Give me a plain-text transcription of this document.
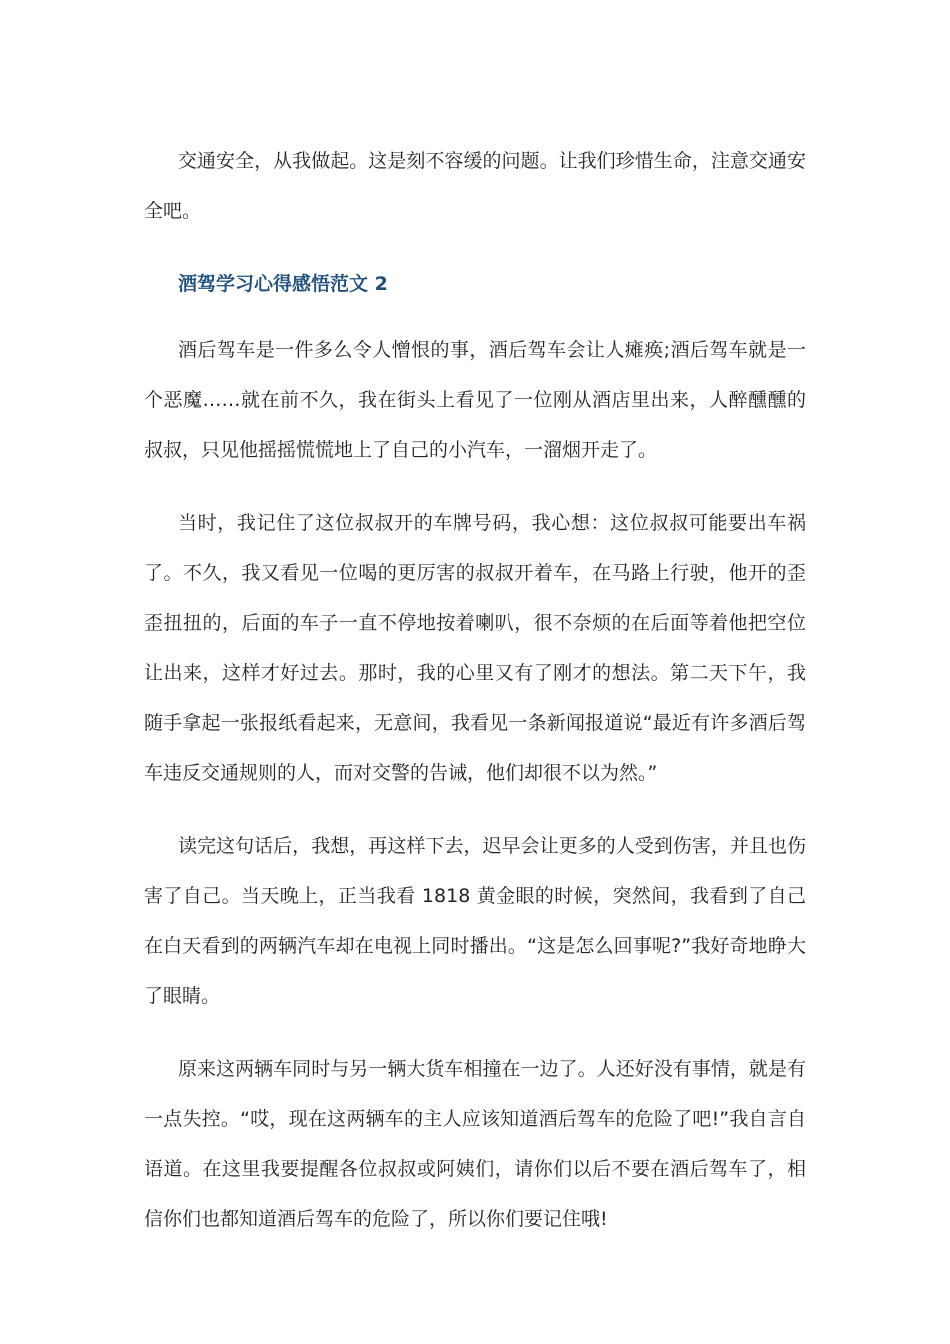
交通安全，从我做起。这是刻不容缓的问题。让我们珍惜生命，注意交通安全吧。

酒驾学习心得感悟范文 2

酒后驾车是一件多么令人憎恨的事，酒后驾车会让人瘫痪;酒后驾车就是一个恶魔……就在前不久，我在街头上看见了一位刚从酒店里出来，人醉醺醺的叔叔，只见他摇摇慌慌地上了自己的小汽车，一溜烟开走了。

当时，我记住了这位叔叔开的车牌号码，我心想：这位叔叔可能要出车祸了。不久，我又看见一位喝的更厉害的叔叔开着车，在马路上行驶，他开的歪歪扭扭的，后面的车子一直不停地按着喇叭，很不奈烦的在后面等着他把空位让出来，这样才好过去。那时，我的心里又有了刚才的想法。第二天下午，我随手拿起一张报纸看起来，无意间，我看见一条新闻报道说“最近有许多酒后驾车违反交通规则的人，而对交警的告诫，他们却很不以为然。”

读完这句话后，我想，再这样下去，迟早会让更多的人受到伤害，并且也伤害了自己。当天晚上，正当我看 1818 黄金眼的时候，突然间，我看到了自己在白天看到的两辆汽车却在电视上同时播出。“这是怎么回事呢?”我好奇地睁大了眼睛。

原来这两辆车同时与另一辆大货车相撞在一边了。人还好没有事情，就是有一点失控。“哎，现在这两辆车的主人应该知道酒后驾车的危险了吧!”我自言自语道。在这里我要提醒各位叔叔或阿姨们，请你们以后不要在酒后驾车了，相信你们也都知道酒后驾车的危险了，所以你们要记住哦!
